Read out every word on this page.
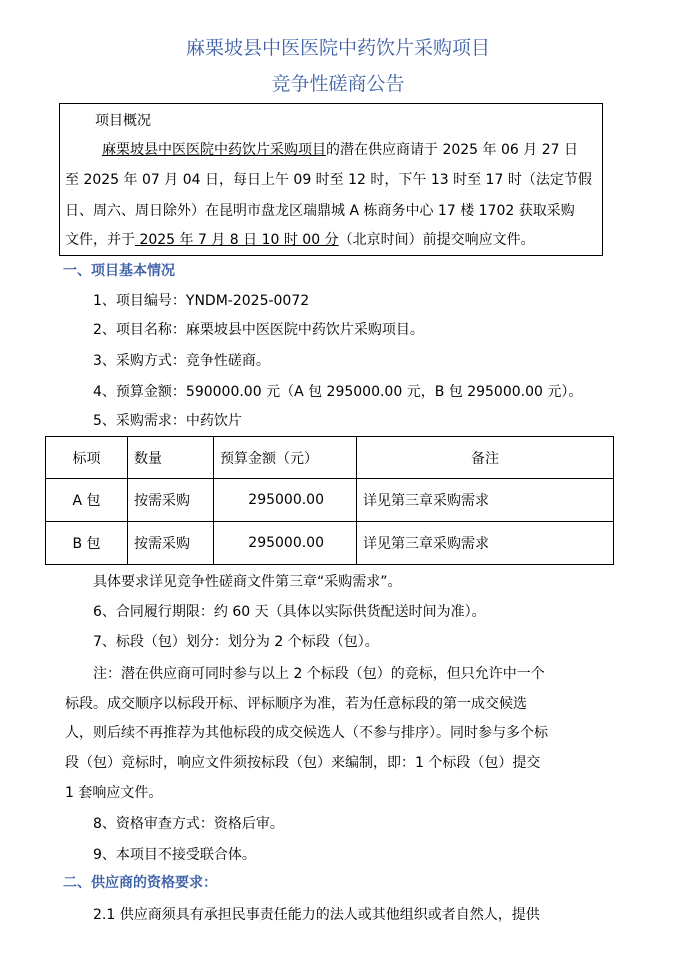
麻栗坡县中医医院中药饮片采购项目
竞争性磋商公告
项目概况
麻栗坡县中医医院中药饮片采购项目的潜在供应商请于 2025 年 06 月 27 日
至 2025 年 07 月 04 日，每日上午 09 时至 12 时，下午 13 时至 17 时（法定节假
日、周六、周日除外）在昆明市盘龙区瑞鼎城 A 栋商务中心 17 楼 1702 获取采购
文件，并于 2025 年 7 月 8 日 10 时 00 分（北京时间）前提交响应文件。
一、项目基本情况
1、项目编号：YNDM-2025-0072
2、项目名称：麻栗坡县中医医院中药饮片采购项目。
3、采购方式：竞争性磋商。
4、预算金额：590000.00 元（A 包 295000.00 元，B 包 295000.00 元）。
5、采购需求：中药饮片
标项	数量	预算金额（元）	备注
A 包	按需采购	295000.00	详见第三章采购需求
B 包	按需采购	295000.00	详见第三章采购需求
具体要求详见竞争性磋商文件第三章“采购需求”。
6、合同履行期限：约 60 天（具体以实际供货配送时间为准）。
7、标段（包）划分：划分为 2 个标段（包）。
注：潜在供应商可同时参与以上 2 个标段（包）的竞标，但只允许中一个
标段。成交顺序以标段开标、评标顺序为准，若为任意标段的第一成交候选
人，则后续不再推荐为其他标段的成交候选人（不参与排序）。同时参与多个标
段（包）竞标时，响应文件须按标段（包）来编制，即：1 个标段（包）提交
1 套响应文件。
8、资格审查方式：资格后审。
9、本项目不接受联合体。
二、供应商的资格要求：
2.1 供应商须具有承担民事责任能力的法人或其他组织或者自然人，提供
